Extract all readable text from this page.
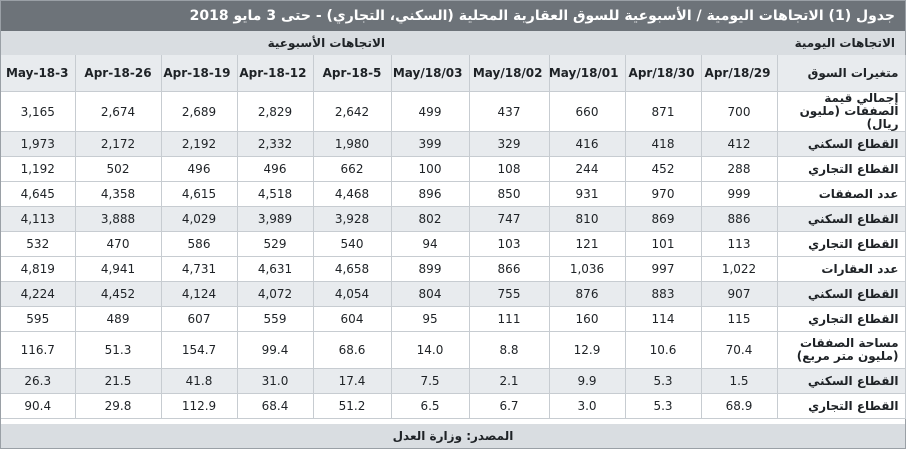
جدول (1) الاتجاهات اليومية / الأسبوعية للسوق العقارية المحلية (السكني، التجاري) - حتى 3 مايو 2018
الاتجاهات اليومية
الاتجاهات الأسبوعية
متغيرات السوق	Apr/18/29	Apr/18/30	May/18/01	May/18/02	May/18/03	5-Apr-18	12-Apr-18	19-Apr-18	26-Apr-18	3-May-18
إجمالي قيمة الصفقات (مليون ريال)	700	871	660	437	499	2,642	2,829	2,689	2,674	3,165
القطاع السكني	412	418	416	329	399	1,980	2,332	2,192	2,172	1,973
القطاع التجاري	288	452	244	108	100	662	496	496	502	1,192
عدد الصفقات	999	970	931	850	896	4,468	4,518	4,615	4,358	4,645
القطاع السكني	886	869	810	747	802	3,928	3,989	4,029	3,888	4,113
القطاع التجاري	113	101	121	103	94	540	529	586	470	532
عدد العقارات	1,022	997	1,036	866	899	4,658	4,631	4,731	4,941	4,819
القطاع السكني	907	883	876	755	804	4,054	4,072	4,124	4,452	4,224
القطاع التجاري	115	114	160	111	95	604	559	607	489	595
مساحة الصفقات (مليون متر مربع)	70.4	10.6	12.9	8.8	14.0	68.6	99.4	154.7	51.3	116.7
القطاع السكني	1.5	5.3	9.9	2.1	7.5	17.4	31.0	41.8	21.5	26.3
القطاع التجاري	68.9	5.3	3.0	6.7	6.5	51.2	68.4	112.9	29.8	90.4
المصدر: وزارة العدل
